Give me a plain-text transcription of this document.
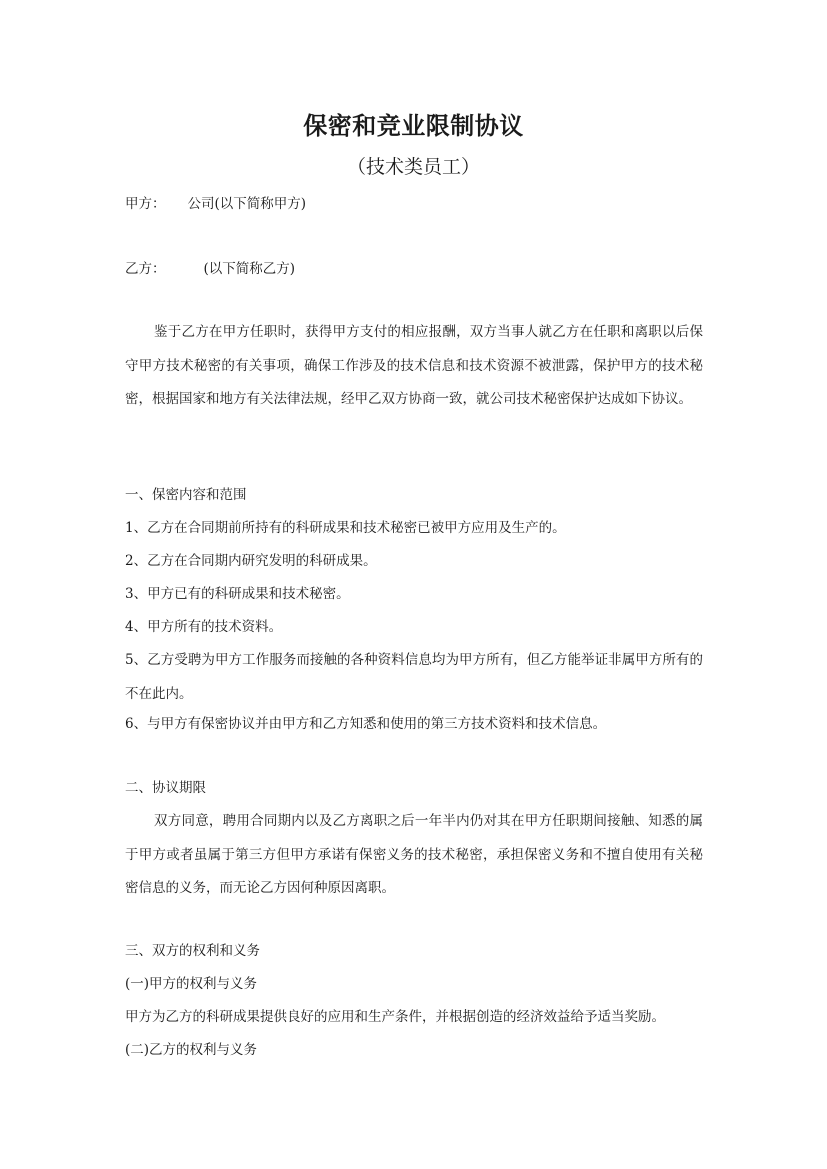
保密和竞业限制协议
（技术类员工）
甲方： 公司(以下简称甲方)
乙方：	(以下简称乙方)
鉴于乙方在甲方任职时，获得甲方支付的相应报酬，双方当事人就乙方在任职和离职以后保守甲方技术秘密的有关事项，确保工作涉及的技术信息和技术资源不被泄露，保护甲方的技术秘密，根据国家和地方有关法律法规，经甲乙双方协商一致，就公司技术秘密保护达成如下协议。
一、保密内容和范围
1、乙方在合同期前所持有的科研成果和技术秘密已被甲方应用及生产的。
2、乙方在合同期内研究发明的科研成果。
3、甲方已有的科研成果和技术秘密。
4、甲方所有的技术资料。
5、乙方受聘为甲方工作服务而接触的各种资料信息均为甲方所有，但乙方能举证非属甲方所有的不在此内。
6、与甲方有保密协议并由甲方和乙方知悉和使用的第三方技术资料和技术信息。
二、协议期限
双方同意，聘用合同期内以及乙方离职之后一年半内仍对其在甲方任职期间接触、知悉的属于甲方或者虽属于第三方但甲方承诺有保密义务的技术秘密，承担保密义务和不擅自使用有关秘密信息的义务，而无论乙方因何种原因离职。
三、双方的权利和义务
(一)甲方的权利与义务
甲方为乙方的科研成果提供良好的应用和生产条件，并根据创造的经济效益给予适当奖励。
(二)乙方的权利与义务
